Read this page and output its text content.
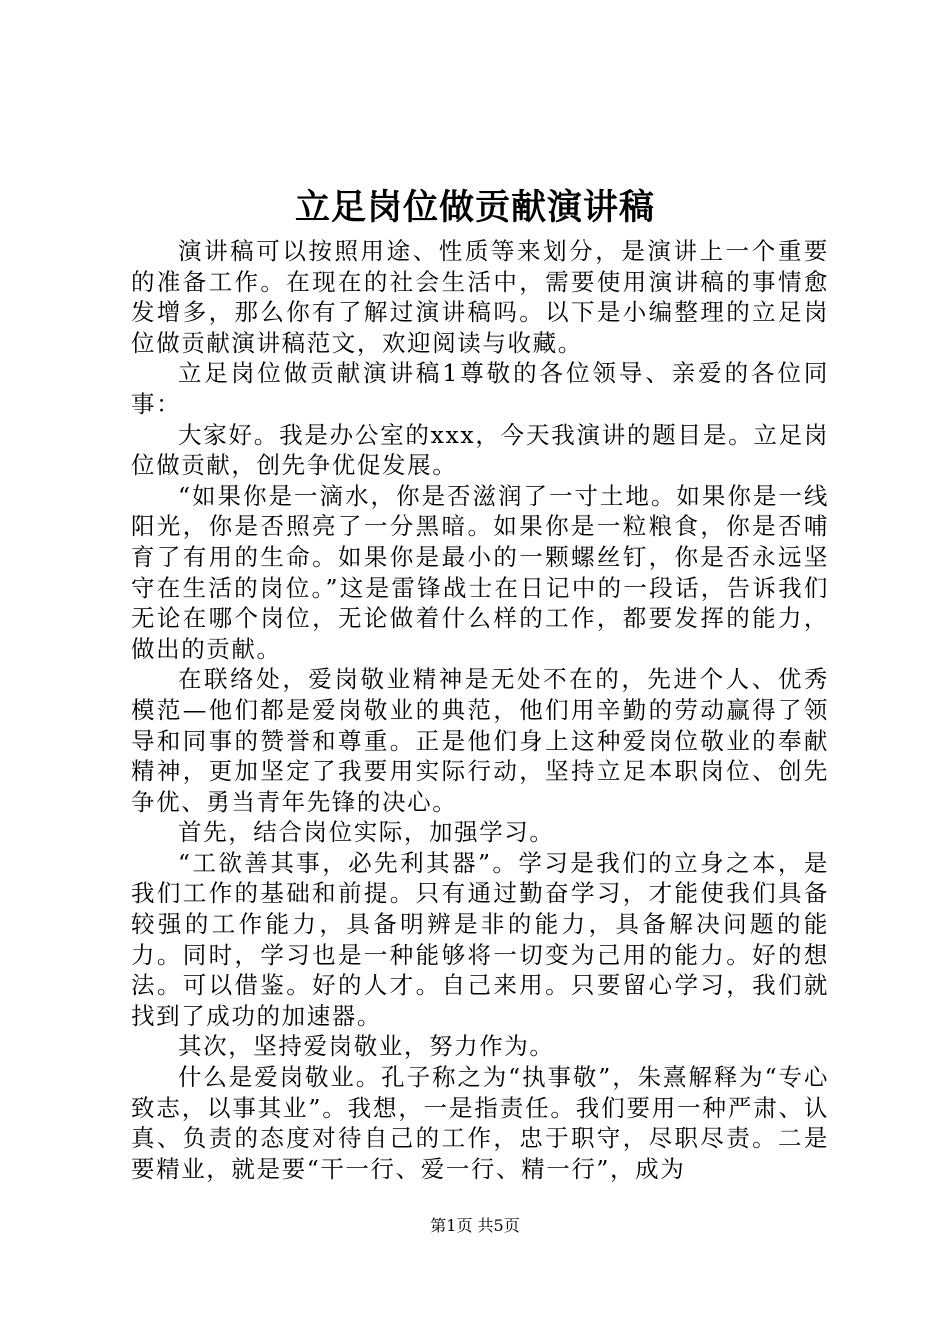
立足岗位做贡献演讲稿

演讲稿可以按照用途、性质等来划分，是演讲上一个重要的准备工作。在现在的社会生活中，需要使用演讲稿的事情愈发增多，那么你有了解过演讲稿吗。以下是小编整理的立足岗位做贡献演讲稿范文，欢迎阅读与收藏。

立足岗位做贡献演讲稿1尊敬的各位领导、亲爱的各位同事：

大家好。我是办公室的xxx，今天我演讲的题目是。立足岗位做贡献，创先争优促发展。

“如果你是一滴水，你是否滋润了一寸土地。如果你是一线阳光，你是否照亮了一分黑暗。如果你是一粒粮食，你是否哺育了有用的生命。如果你是最小的一颗螺丝钉，你是否永远坚守在生活的岗位。”这是雷锋战士在日记中的一段话，告诉我们无论在哪个岗位，无论做着什么样的工作，都要发挥的能力，做出的贡献。

在联络处，爱岗敬业精神是无处不在的，先进个人、优秀模范—他们都是爱岗敬业的典范，他们用辛勤的劳动赢得了领导和同事的赞誉和尊重。正是他们身上这种爱岗位敬业的奉献精神，更加坚定了我要用实际行动，坚持立足本职岗位、创先争优、勇当青年先锋的决心。

首先，结合岗位实际，加强学习。

“工欲善其事，必先利其器”。学习是我们的立身之本，是我们工作的基础和前提。只有通过勤奋学习，才能使我们具备较强的工作能力，具备明辨是非的能力，具备解决问题的能力。同时，学习也是一种能够将一切变为己用的能力。好的想法。可以借鉴。好的人才。自己来用。只要留心学习，我们就找到了成功的加速器。

其次，坚持爱岗敬业，努力作为。

什么是爱岗敬业。孔子称之为“执事敬”，朱熹解释为“专心致志，以事其业”。我想，一是指责任。我们要用一种严肃、认真、负责的态度对待自己的工作，忠于职守，尽职尽责。二是要精业，就是要“干一行、爱一行、精一行”，成为

第1页 共5页
